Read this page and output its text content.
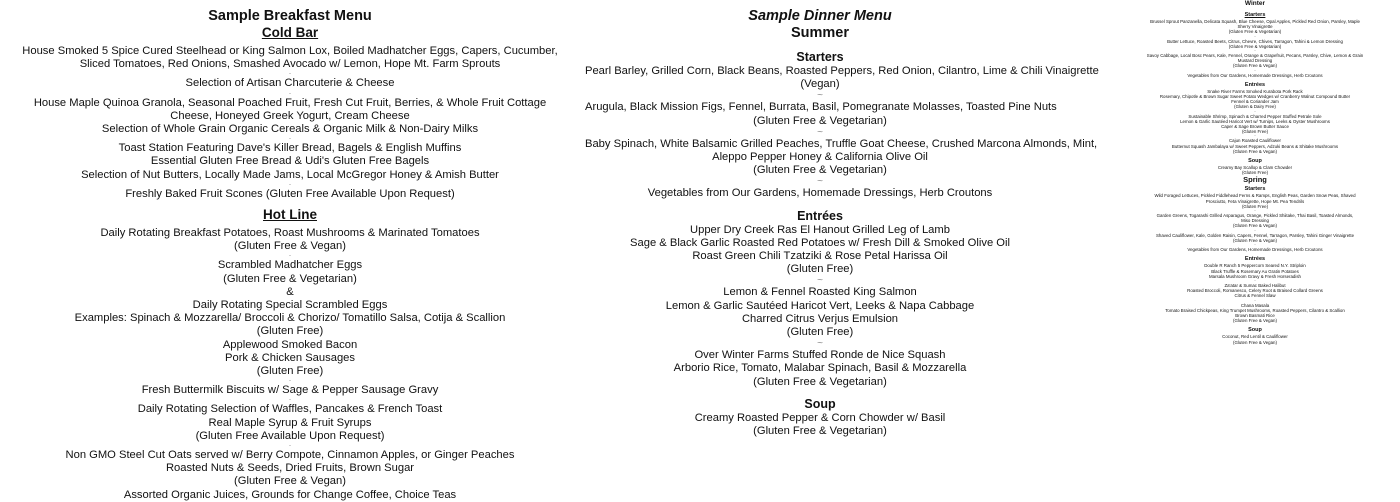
Sample Breakfast Menu
Cold Bar
House Smoked 5 Spice Cured Steelhead or King Salmon Lox, Boiled Madhatcher Eggs, Capers, Cucumber,
Sliced Tomatoes, Red Onions, Smashed Avocado w/ Lemon, Hope Mt. Farm Sprouts
-
Selection of Artisan Charcuterie & Cheese
-
House Maple Quinoa Granola, Seasonal Poached Fruit, Fresh Cut Fruit, Berries, & Whole Fruit Cottage
Cheese, Honeyed Greek Yogurt, Cream Cheese
Selection of Whole Grain Organic Cereals & Organic Milk & Non-Dairy Milks
-
Toast Station Featuring Dave's Killer Bread, Bagels & English Muffins
Essential Gluten Free Bread & Udi's Gluten Free Bagels
Selection of Nut Butters, Locally Made Jams, Local McGregor Honey & Amish Butter
-
Freshly Baked Fruit Scones (Gluten Free Available Upon Request)
Hot Line
Daily Rotating Breakfast Potatoes, Roast Mushrooms & Marinated Tomatoes
(Gluten Free & Vegan)
-
Scrambled Madhatcher Eggs
(Gluten Free & Vegetarian)
&
Daily Rotating Special Scrambled Eggs
Examples: Spinach & Mozzarella/ Broccoli & Chorizo/ Tomatillo Salsa, Cotija & Scallion
(Gluten Free)
Applewood Smoked Bacon
Pork & Chicken Sausages
(Gluten Free)
-
Fresh Buttermilk Biscuits w/ Sage & Pepper Sausage Gravy
-
Daily Rotating Selection of Waffles, Pancakes & French Toast
Real Maple Syrup & Fruit Syrups
(Gluten Free Available Upon Request)
-
Non GMO Steel Cut Oats served w/ Berry Compote, Cinnamon Apples, or Ginger Peaches
Roasted Nuts & Seeds, Dried Fruits, Brown Sugar
(Gluten Free & Vegan)
Assorted Organic Juices, Grounds for Change Coffee, Choice Teas
Sample Dinner Menu
Summer
Starters
Pearl Barley, Grilled Corn, Black Beans, Roasted Peppers, Red Onion, Cilantro, Lime & Chili Vinaigrette
(Vegan)
~
Arugula, Black Mission Figs, Fennel, Burrata, Basil, Pomegranate Molasses, Toasted Pine Nuts
(Gluten Free & Vegetarian)
~
Baby Spinach, White Balsamic Grilled Peaches, Truffle Goat Cheese, Crushed Marcona Almonds, Mint,
Aleppo Pepper Honey & California Olive Oil
(Gluten Free & Vegetarian)
~
Vegetables from Our Gardens, Homemade Dressings, Herb Croutons
Entrées
Upper Dry Creek Ras El Hanout Grilled Leg of Lamb
Sage & Black Garlic Roasted Red Potatoes w/ Fresh Dill & Smoked Olive Oil
Roast Green Chili Tzatziki & Rose Petal Harissa Oil
(Gluten Free)
~
Lemon & Fennel Roasted King Salmon
Lemon & Garlic Sautéed Haricot Vert, Leeks & Napa Cabbage
Charred Citrus Verjus Emulsion
(Gluten Free)
~
Over Winter Farms Stuffed Ronde de Nice Squash
Arborio Rice, Tomato, Malabar Spinach, Basil & Mozzarella
(Gluten Free & Vegetarian)
Soup
Creamy Roasted Pepper & Corn Chowder w/ Basil
(Gluten Free & Vegetarian)
Winter
Starters
Brussel Sprout Panzanella, Delicata Squash, Blue Cheese, Opal Apples, Pickled Red Onion, Parsley, Maple
Sherry Vinaigrette
(Gluten Free & Vegetarian)
~
Butter Lettuce, Roasted Beets, Citrus, Chevre, Chives, Tarragon, Tahini & Lemon Dressing
(Gluten Free & Vegetarian)
~
Savoy Cabbage, Local Bosc Pears, Kale, Fennel, Orange & Grapefruit, Pecans, Parsley, Chive, Lemon & Grain
Mustard Dressing
(Gluten Free & Vegan)
~
Vegetables from Our Gardens, Homemade Dressings, Herb Croutons
Entrées
Snake River Farms Smoked Kurabota Pork Rack
Rosemary, Chipotle & Brown Sugar Sweet Potato Wedges w/ Cranberry Walnut Compound Butter
Fennel & Coriander Jam
(Gluten & Dairy Free)
~
Sustainable Shrimp, Spinach & Charred Pepper Stuffed Petrale Sole
Lemon & Garlic Sautéed Haricot Vert w/ Turnips, Leeks & Oyster Mushrooms
Caper & Sage Brown Butter Sauce
(Gluten Free)
~
Cajun Roasted Cauliflower
Butternut Squash Jambalaya w/ Sweet Peppers, Adzuki Beans & Shitake Mushrooms
(Gluten Free & Vegan)
Soup
Creamy Bay Scallop & Clam Chowder
(Gluten Free)
Spring
Starters
Wild Foraged Lettuces, Pickled Fiddlehead Ferns & Ramps, English Peas, Garden Snow Peas, Shaved
Prosciutto, Feta Vinaigrette, Hope Mt. Pea Tendrils
(Gluten Free)
~
Garden Greens, Togarashi Grilled Asparagus, Orange, Pickled Shiitake, Thai Basil, Toasted Almonds,
Miso Dressing
(Gluten Free & Vegan)
~
Shaved Cauliflower, Kale, Golden Raisin, Capers, Fennel, Tarragon, Parsley, Tahini Ginger Vinaigrette
(Gluten Free & Vegan)
~
Vegetables from Our Gardens, Homemade Dressings, Herb Croutons
Entrées
Double R Ranch 5 Peppercorn Seared N.Y. Striploin
Black Truffle & Rosemary Au Gratin Potatoes
Marsala Mushroom Gravy & Fresh Horseradish
~
Za'atar & Sumac Baked Halibut
Roasted Broccoli, Romanesco, Celery Root & Braised Collard Greens
Citrus & Fennel Slaw
~
Chana Masala
Tomato Braised Chickpeas, King Trumpet Mushrooms, Roasted Peppers, Cilantro & Scallion
Brown Basmati Rice
(Gluten Free & Vegan)
Soup
Coconut, Red Lentil & Cauliflower
(Gluten Free & Vegan)
